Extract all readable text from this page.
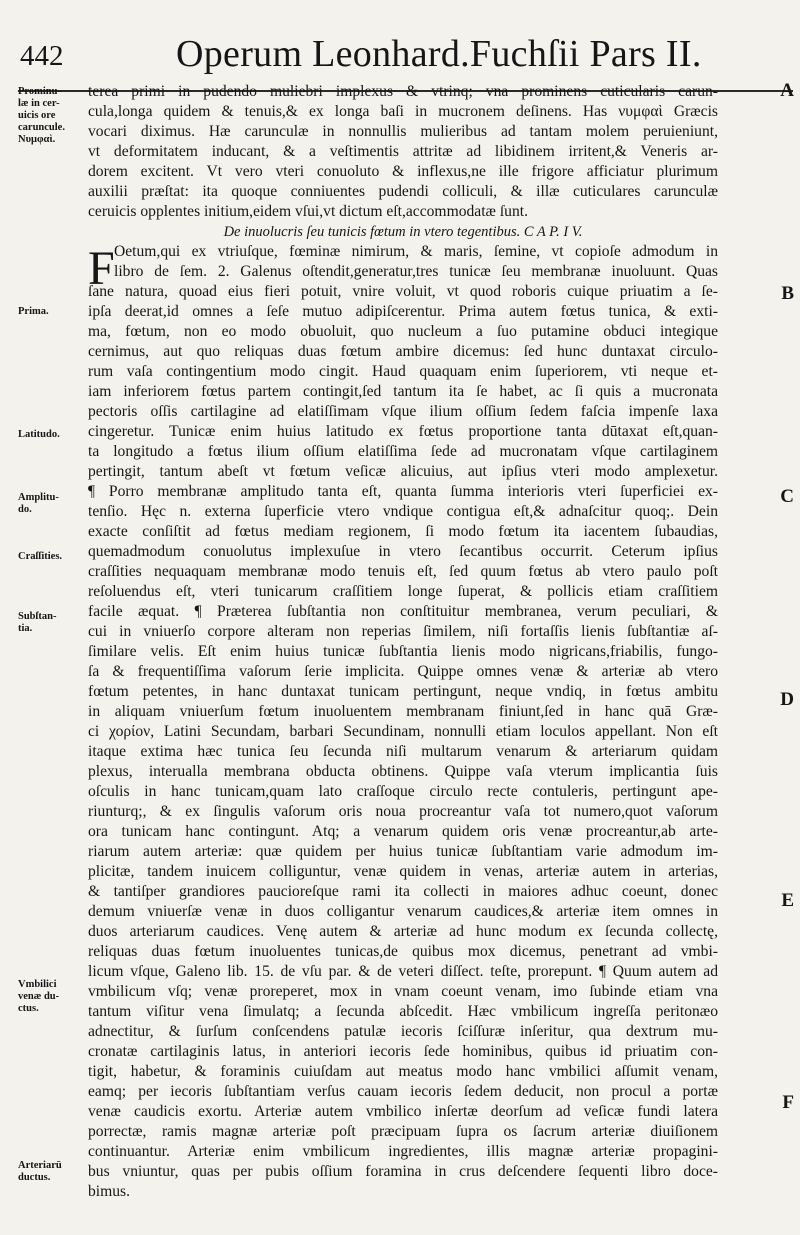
442	Operum Leonhard.Fuchſii Pars II.
Prominu-
læ in cer-
uicis ore
caruncule.
Νυμφαὶ.
Prima.
Latitudo.
Amplitu-
do.
Craſſities.
Subſtan-
tia.
Vmbilici
venæ du-
ctus.
Arteriarū
ductus.
A
B
C
D
E
F
terea primi in pudendo muliebri implexus & vtrinq; vna prominens cuticularis carun-
cula,longa quidem & tenuis,& ex longa baſi in mucronem deſinens. Has νυμφαὶ Græcis
vocari diximus. Hæ carunculæ in nonnullis mulieribus ad tantam molem peruieniunt,
vt deformitatem inducant, & a veſtimentis attritæ ad libidinem irritent,& Veneris ar-
dorem excitent. Vt vero vteri conuoluto & inflexus,ne ille frigore afficiatur plurimum
auxilii præſtat: ita quoque conniuentes pudendi colliculi, & illæ cuticulares carunculæ
ceruicis opplentes initium,eidem vſui,vt dictum eſt,accommodatæ ſunt.
De inuolucris ſeu tunicis fœtum in vtero tegentibus. C A P. I V.
Oetum,qui ex vtriuſque, fœminæ nimirum, & maris, ſemine, vt copioſe admodum in
libro de ſem. 2. Galenus oſtendit,generatur,tres tunicæ ſeu membranæ inuoluunt. Quas
ſane natura, quoad eius fieri potuit, vnire voluit, vt quod roboris cuique priuatim a ſe-
ipſa deerat,id omnes a ſeſe mutuo adipiſcerentur. Prima autem fœtus tunica, & exti-
ma, fœtum, non eo modo obuoluit, quo nucleum a ſuo putamine obduci integique
cernimus, aut quo reliquas duas fœtum ambire dicemus: ſed hunc duntaxat circulo-
rum vaſa contingentium modo cingit. Haud quaquam enim ſuperiorem, vti neque et-
iam inferiorem fœtus partem contingit,ſed tantum ita ſe habet, ac ſi quis a mucronata
pectoris oſſis cartilagine ad elatiſſimam vſque ilium oſſium ſedem faſcia impenſe laxa
cingeretur. Tunicæ enim huius latitudo ex fœtus proportione tanta dūtaxat eſt,quan-
ta longitudo a fœtus ilium oſſium elatiſſima ſede ad mucronatam vſque cartilaginem
pertingit, tantum abeſt vt fœtum veſicæ alicuius, aut ipſius vteri modo amplexetur.
¶ Porro membranæ amplitudo tanta eſt, quanta ſumma interioris vteri ſuperficiei ex-
tenſio. Hęc n. externa ſuperficie vtero vndique contigua eſt,& adnaſcitur quoq;. Dein
exacte conſiſtit ad fœtus mediam regionem, ſi modo fœtum ita iacentem ſubaudias,
quemadmodum conuolutus implexuſue in vtero ſecantibus occurrit. Ceterum ipſius
craſſities nequaquam membranæ modo tenuis eſt, ſed quum fœtus ab vtero paulo poſt
reſoluendus eſt, vteri tunicarum craſſitiem longe ſuperat, & pollicis etiam craſſitiem
facile æquat. ¶ Præterea ſubſtantia non conſtituitur membranea, verum peculiari, &
cui in vniuerſo corpore alteram non reperias ſimilem, niſi fortaſſis lienis ſubſtantiæ aſ-
ſimilare velis. Eſt enim huius tunicæ ſubſtantia lienis modo nigricans,friabilis, fungo-
ſa & frequentiſſima vaſorum ſerie implicita. Quippe omnes venæ & arteriæ ab vtero
fœtum petentes, in hanc duntaxat tunicam pertingunt, neque vndiq, in fœtus ambitu
in aliquam vniuerſum fœtum inuoluentem membranam finiunt,ſed in hanc quā Græ-
ci χορίον, Latini Secundam, barbari Secundinam, nonnulli etiam loculos appellant. Non eſt
itaque extima hæc tunica ſeu ſecunda niſi multarum venarum & arteriarum quidam
plexus, interualla membrana obducta obtinens. Quippe vaſa vterum implicantia ſuis
oſculis in hanc tunicam,quam lato craſſoque circulo recte contuleris, pertingunt ape-
riunturq;, & ex ſingulis vaſorum oris noua procreantur vaſa tot numero,quot vaſorum
ora tunicam hanc contingunt. Atq; a venarum quidem oris venæ procreantur,ab arte-
riarum autem arteriæ: quæ quidem per huius tunicæ ſubſtantiam varie admodum im-
plicitæ, tandem inuicem colliguntur, venæ quidem in venas, arteriæ autem in arterias,
& tantiſper grandiores paucioreſque rami ita collecti in maiores adhuc coeunt, donec
demum vniuerſæ venæ in duos colligantur venarum caudices,& arteriæ item omnes in
duos arteriarum caudices. Venę autem & arteriæ ad hunc modum ex ſecunda collectę,
reliquas duas fœtum inuoluentes tunicas,de quibus mox dicemus, penetrant ad vmbi-
licum vſque, Galeno lib. 15. de vſu par. & de veteri diſſect. teſte, prorepunt. ¶ Quum autem ad
vmbilicum vſq; venæ proreperet, mox in vnam coeunt venam, imo ſubinde etiam vna
tantum viſitur vena ſimulatq; a ſecunda abſcedit. Hæc vmbilicum ingreſſa peritonæo
adnectitur, & ſurſum conſcendens patulæ iecoris ſciſſuræ inſeritur, qua dextrum mu-
cronatæ cartilaginis latus, in anteriori iecoris ſede hominibus, quibus id priuatim con-
tigit, habetur, & foraminis cuiuſdam aut meatus modo hanc vmbilici aſſumit venam,
eamq; per iecoris ſubſtantiam verſus cauam iecoris ſedem deducit, non procul a portæ
venæ caudicis exortu. Arteriæ autem vmbilico inſertæ deorſum ad veſicæ fundi latera
porrectæ, ramis magnæ arteriæ poſt præcipuam ſupra os ſacrum arteriæ diuiſionem
continuantur. Arteriæ enim vmbilicum ingredientes, illis magnæ arteriæ propagini-
bus vniuntur, quas per pubis oſſium foramina in crus deſcendere ſequenti libro doce-
bimus.
F
